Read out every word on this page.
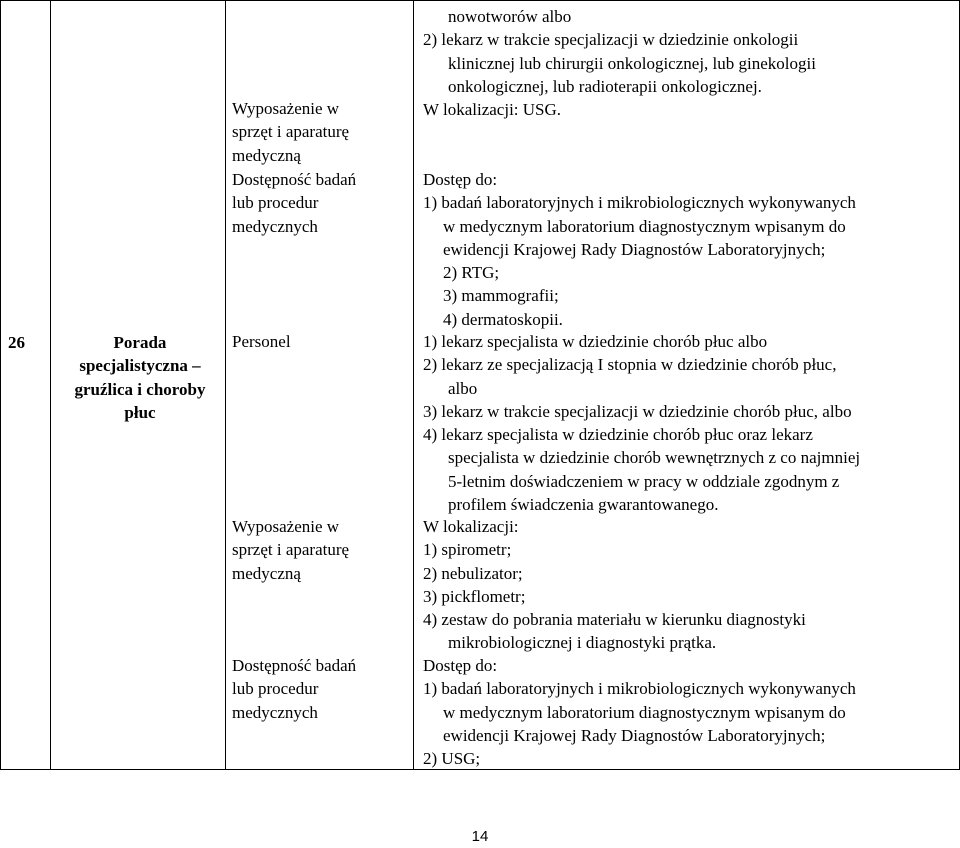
26	Porada
specjalistyczna –
gruźlica i choroby
płuc
nowotworów albo
2) lekarz w trakcie specjalizacji w dziedzinie onkologii
klinicznej lub chirurgii onkologicznej, lub ginekologii
onkologicznej, lub radioterapii onkologicznej.
W lokalizacji: USG.
Wyposażenie w
sprzęt i aparaturę
medyczną
Dostępność badań
lub procedur
medycznych
Dostęp do:
1) badań laboratoryjnych i mikrobiologicznych wykonywanych
w medycznym laboratorium diagnostycznym wpisanym do
ewidencji Krajowej Rady Diagnostów Laboratoryjnych;
2) RTG;
3) mammografii;
4) dermatoskopii.
Personel	1) lekarz specjalista w dziedzinie chorób płuc albo
2) lekarz ze specjalizacją I stopnia w dziedzinie chorób płuc,
albo
3) lekarz w trakcie specjalizacji w dziedzinie chorób płuc, albo
4) lekarz specjalista w dziedzinie chorób płuc oraz lekarz
specjalista w dziedzinie chorób wewnętrznych z co najmniej
5-letnim doświadczeniem w pracy w oddziale zgodnym z
profilem świadczenia gwarantowanego.
Wyposażenie w
sprzęt i aparaturę
medyczną
W lokalizacji:
1) spirometr;
2) nebulizator;
3) pickflometr;
4) zestaw do pobrania materiału w kierunku diagnostyki
mikrobiologicznej i diagnostyki prątka.
Dostępność badań
lub procedur
medycznych
Dostęp do:
1) badań laboratoryjnych i mikrobiologicznych wykonywanych
w medycznym laboratorium diagnostycznym wpisanym do
ewidencji Krajowej Rady Diagnostów Laboratoryjnych;
2) USG;
14
